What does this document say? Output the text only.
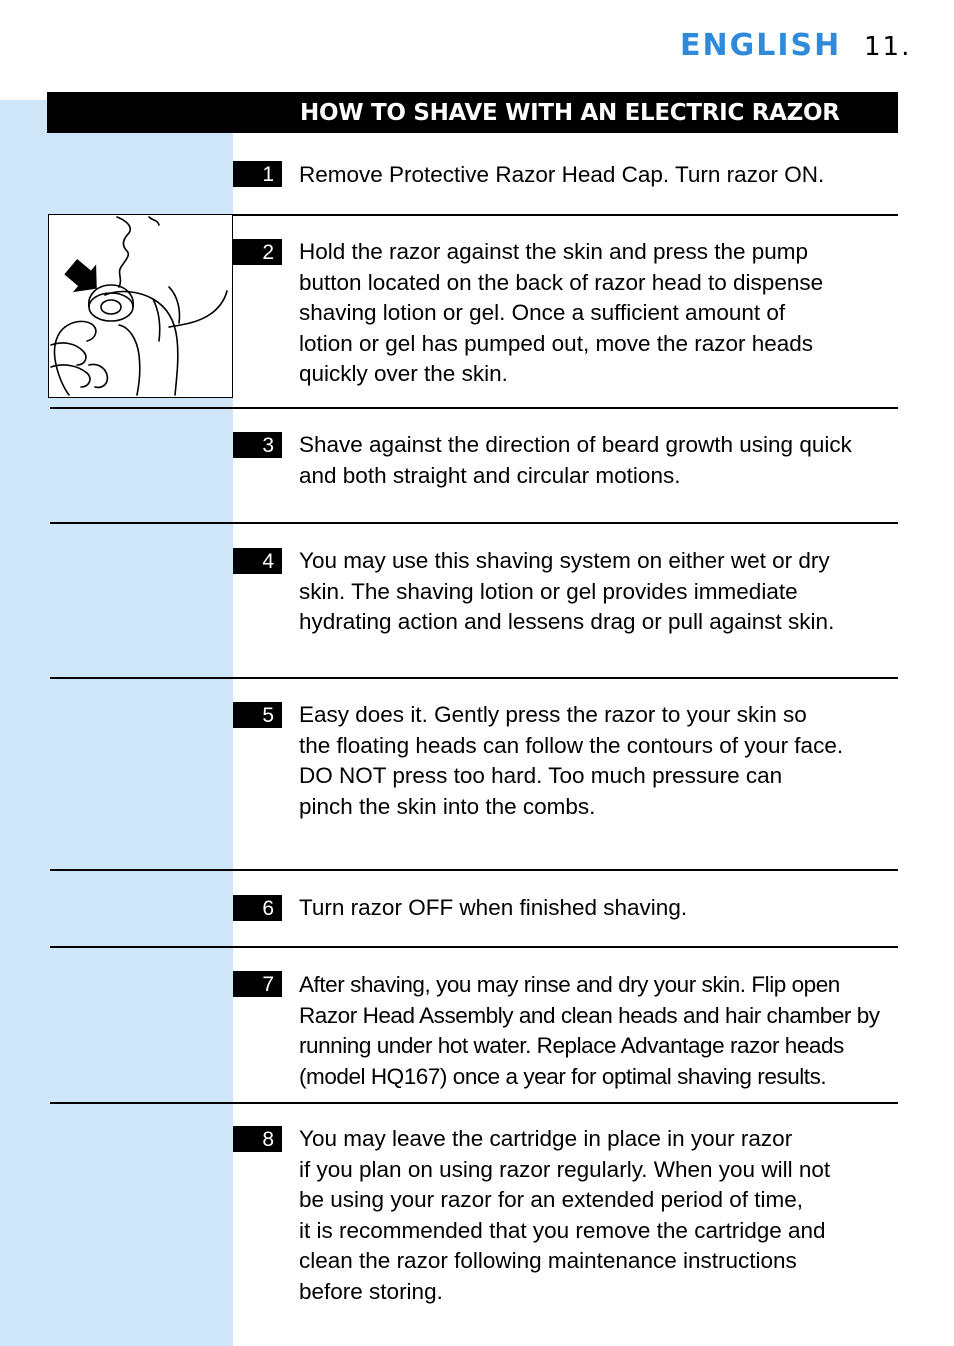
ENGLISH 11.
HOW TO SHAVE WITH AN ELECTRIC RAZOR
1	Remove Protective Razor Head Cap. Turn razor ON.
2	Hold the razor against the skin and press the pump
button located on the back of razor head to dispense
shaving lotion or gel. Once a sufficient amount of
lotion or gel has pumped out, move the razor heads
quickly over the skin.
3	Shave against the direction of beard growth using quick
and both straight and circular motions.
4	You may use this shaving system on either wet or dry
skin. The shaving lotion or gel provides immediate
hydrating action and lessens drag or pull against skin.
5	Easy does it. Gently press the razor to your skin so
the floating heads can follow the contours of your face.
DO NOT press too hard. Too much pressure can
pinch the skin into the combs.
6	Turn razor OFF when finished shaving.
7	After shaving, you may rinse and dry your skin. Flip open
Razor Head Assembly and clean heads and hair chamber by
running under hot water. Replace Advantage razor heads
(model HQ167) once a year for optimal shaving results.
8	You may leave the cartridge in place in your razor
if you plan on using razor regularly. When you will not
be using your razor for an extended period of time,
it is recommended that you remove the cartridge and
clean the razor following maintenance instructions
before storing.
